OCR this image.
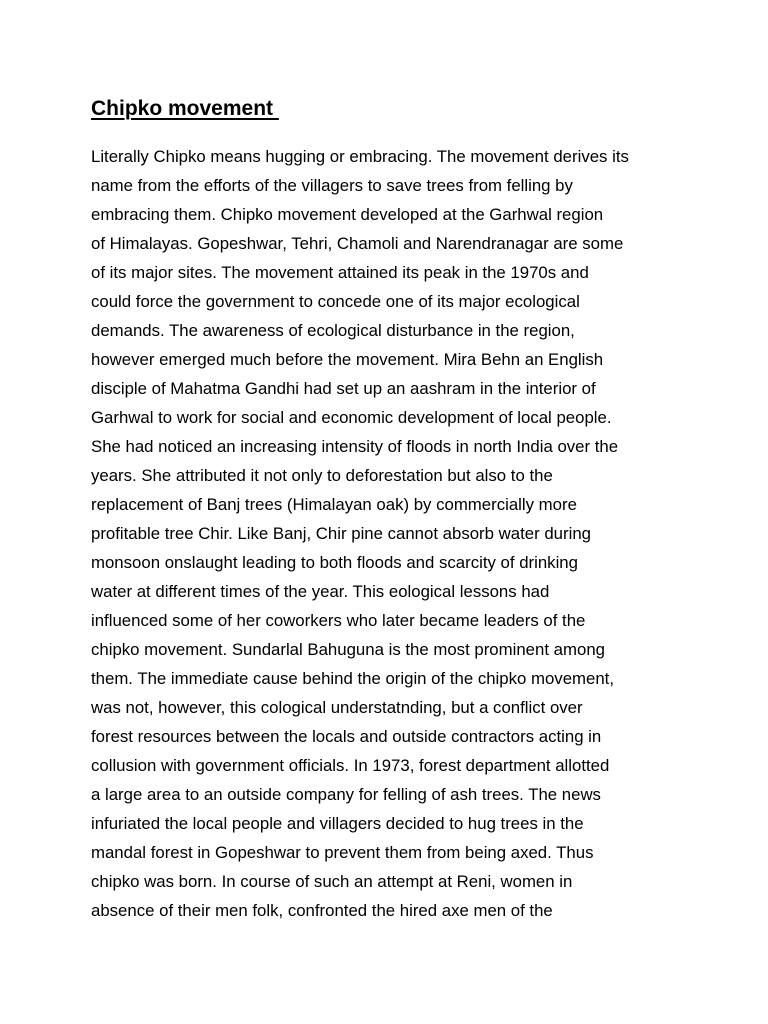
Chipko movement
Literally Chipko means hugging or embracing. The movement derives its
name from the efforts of the villagers to save trees from felling by
embracing them. Chipko movement developed at the Garhwal region
of Himalayas. Gopeshwar, Tehri, Chamoli and Narendranagar are some
of its major sites. The movement attained its peak in the 1970s and
could force the government to concede one of its major ecological
demands. The awareness of ecological disturbance in the region,
however emerged much before the movement. Mira Behn an English
disciple of Mahatma Gandhi had set up an aashram in the interior of
Garhwal to work for social and economic development of local people.
She had noticed an increasing intensity of floods in north India over the
years. She attributed it not only to deforestation but also to the
replacement of Banj trees (Himalayan oak) by commercially more
profitable tree Chir. Like Banj, Chir pine cannot absorb water during
monsoon onslaught leading to both floods and scarcity of drinking
water at different times of the year. This eological lessons had
influenced some of her coworkers who later became leaders of the
chipko movement. Sundarlal Bahuguna is the most prominent among
them. The immediate cause behind the origin of the chipko movement,
was not, however, this cological understatnding, but a conflict over
forest resources between the locals and outside contractors acting in
collusion with government officials. In 1973, forest department allotted
a large area to an outside company for felling of ash trees. The news
infuriated the local people and villagers decided to hug trees in the
mandal forest in Gopeshwar to prevent them from being axed. Thus
chipko was born. In course of such an attempt at Reni, women in
absence of their men folk, confronted the hired axe men of the
